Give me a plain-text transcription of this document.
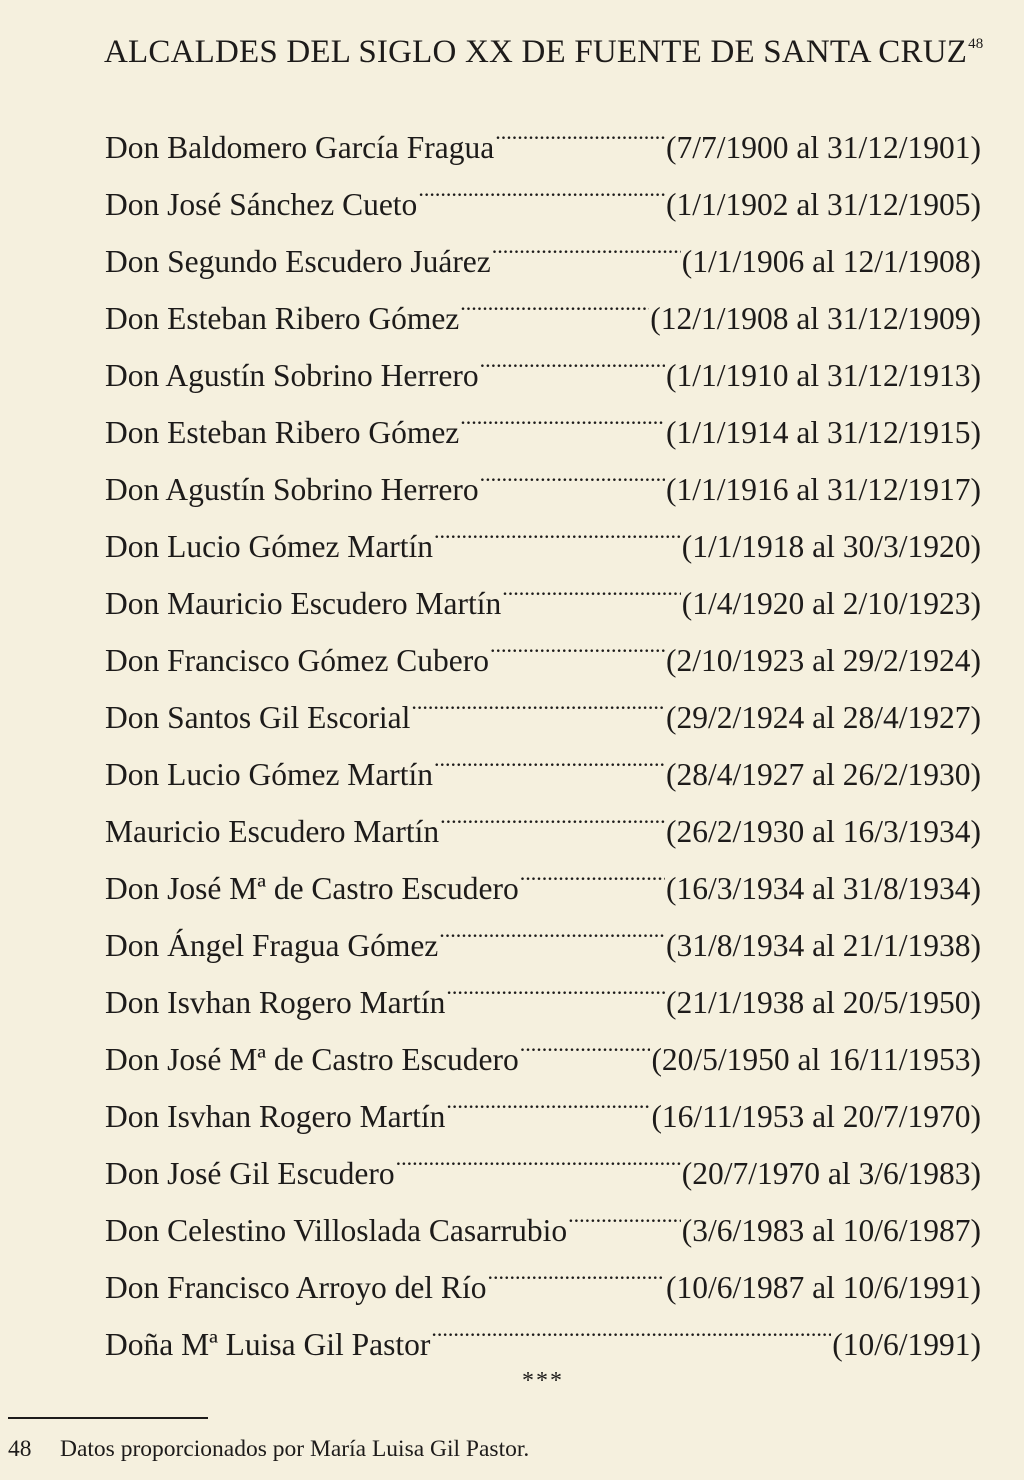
ALCALDES DEL SIGLO XX DE FUENTE DE SANTA CRUZ$^{48}$
Don Baldomero García Fragua .....	(7/7/1900 al 31/12/1901)
Don José Sánchez Cueto .....	(1/1/1902 al 31/12/1905)
Don Segundo Escudero Juárez .....	(1/1/1906 al 12/1/1908)
Don Esteban Ribero Gómez .....	(12/1/1908 al 31/12/1909)
Don Agustín Sobrino Herrero .....	(1/1/1910 al 31/12/1913)
Don Esteban Ribero Gómez .....	(1/1/1914 al 31/12/1915)
Don Agustín Sobrino Herrero .....	(1/1/1916 al 31/12/1917)
Don Lucio Gómez Martín .....	(1/1/1918 al 30/3/1920)
Don Mauricio Escudero Martín .....	(1/4/1920 al 2/10/1923)
Don Francisco Gómez Cubero .....	(2/10/1923 al 29/2/1924)
Don Santos Gil Escorial .....	(29/2/1924 al 28/4/1927)
Don Lucio Gómez Martín .....	(28/4/1927 al 26/2/1930)
Mauricio Escudero Martín .....	(26/2/1930 al 16/3/1934)
Don José Mª de Castro Escudero .....	(16/3/1934 al 31/8/1934)
Don Ángel Fragua Gómez .....	(31/8/1934 al 21/1/1938)
Don Isvhan Rogero Martín .....	(21/1/1938 al 20/5/1950)
Don José Mª de Castro Escudero .....	(20/5/1950 al 16/11/1953)
Don Isvhan Rogero Martín .....	(16/11/1953 al 20/7/1970)
Don José Gil Escudero .....	(20/7/1970 al 3/6/1983)
Don Celestino Villoslada Casarrubio .....	(3/6/1983 al 10/6/1987)
Don Francisco Arroyo del Río .....	(10/6/1987 al 10/6/1991)
Doña Mª Luisa Gil Pastor .....	(10/6/1991)
***
48 Datos proporcionados por María Luisa Gil Pastor.
